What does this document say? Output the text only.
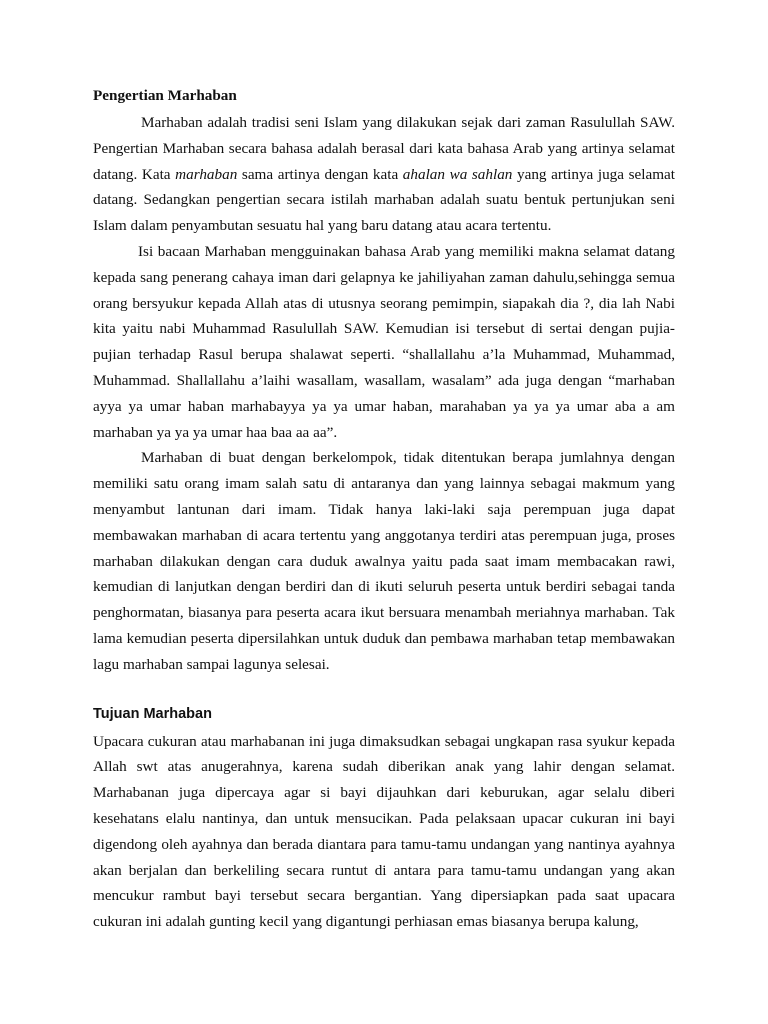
Pengertian Marhaban

Marhaban adalah tradisi seni Islam yang dilakukan sejak dari zaman Rasulullah SAW. Pengertian Marhaban secara bahasa adalah berasal dari kata bahasa Arab yang artinya selamat datang. Kata marhaban sama artinya dengan kata ahalan wa sahlan yang artinya juga selamat datang. Sedangkan pengertian secara istilah marhaban adalah suatu bentuk pertunjukan seni Islam dalam penyambutan sesuatu hal yang baru datang atau acara tertentu.

Isi bacaan Marhaban mengguinakan bahasa Arab yang memiliki makna selamat datang kepada sang penerang cahaya iman dari gelapnya ke jahiliyahan zaman dahulu,sehingga semua orang bersyukur kepada Allah atas di utusnya seorang pemimpin, siapakah dia ?, dia lah Nabi kita yaitu nabi Muhammad Rasulullah SAW. Kemudian isi tersebut di sertai dengan pujia-pujian terhadap Rasul berupa shalawat seperti. “shallallahu a’la Muhammad, Muhammad, Muhammad. Shallallahu a’laihi wasallam, wasallam, wasalam” ada juga dengan “marhaban ayya ya umar haban marhabayya ya ya umar haban, marahaban ya ya ya umar aba a am marhaban ya ya ya umar haa baa aa aa”.

Marhaban di buat dengan berkelompok, tidak ditentukan berapa jumlahnya dengan memiliki satu orang imam salah satu di antaranya dan yang lainnya sebagai makmum yang menyambut lantunan dari imam. Tidak hanya laki-laki saja perempuan juga dapat membawakan marhaban di acara tertentu yang anggotanya terdiri atas perempuan juga, proses marhaban dilakukan dengan cara duduk awalnya yaitu pada saat imam membacakan rawi, kemudian di lanjutkan dengan berdiri dan di ikuti seluruh peserta untuk berdiri sebagai tanda penghormatan, biasanya para peserta acara ikut bersuara menambah meriahnya marhaban. Tak lama kemudian peserta dipersilahkan untuk duduk dan pembawa marhaban tetap membawakan lagu marhaban sampai lagunya selesai.

Tujuan Marhaban

Upacara cukuran atau marhabanan ini juga dimaksudkan sebagai ungkapan rasa syukur kepada Allah swt atas anugerahnya, karena sudah diberikan anak yang lahir dengan selamat. Marhabanan juga dipercaya agar si bayi dijauhkan dari keburukan, agar selalu diberi kesehatans elalu nantinya, dan untuk mensucikan. Pada pelaksaan upacar cukuran ini bayi digendong oleh ayahnya dan berada diantara para tamu-tamu undangan yang nantinya ayahnya akan berjalan dan berkeliling secara runtut di antara para tamu-tamu undangan yang akan mencukur rambut bayi tersebut secara bergantian. Yang dipersiapkan pada saat upacara cukuran ini adalah gunting kecil yang digantungi perhiasan emas biasanya berupa kalung,
